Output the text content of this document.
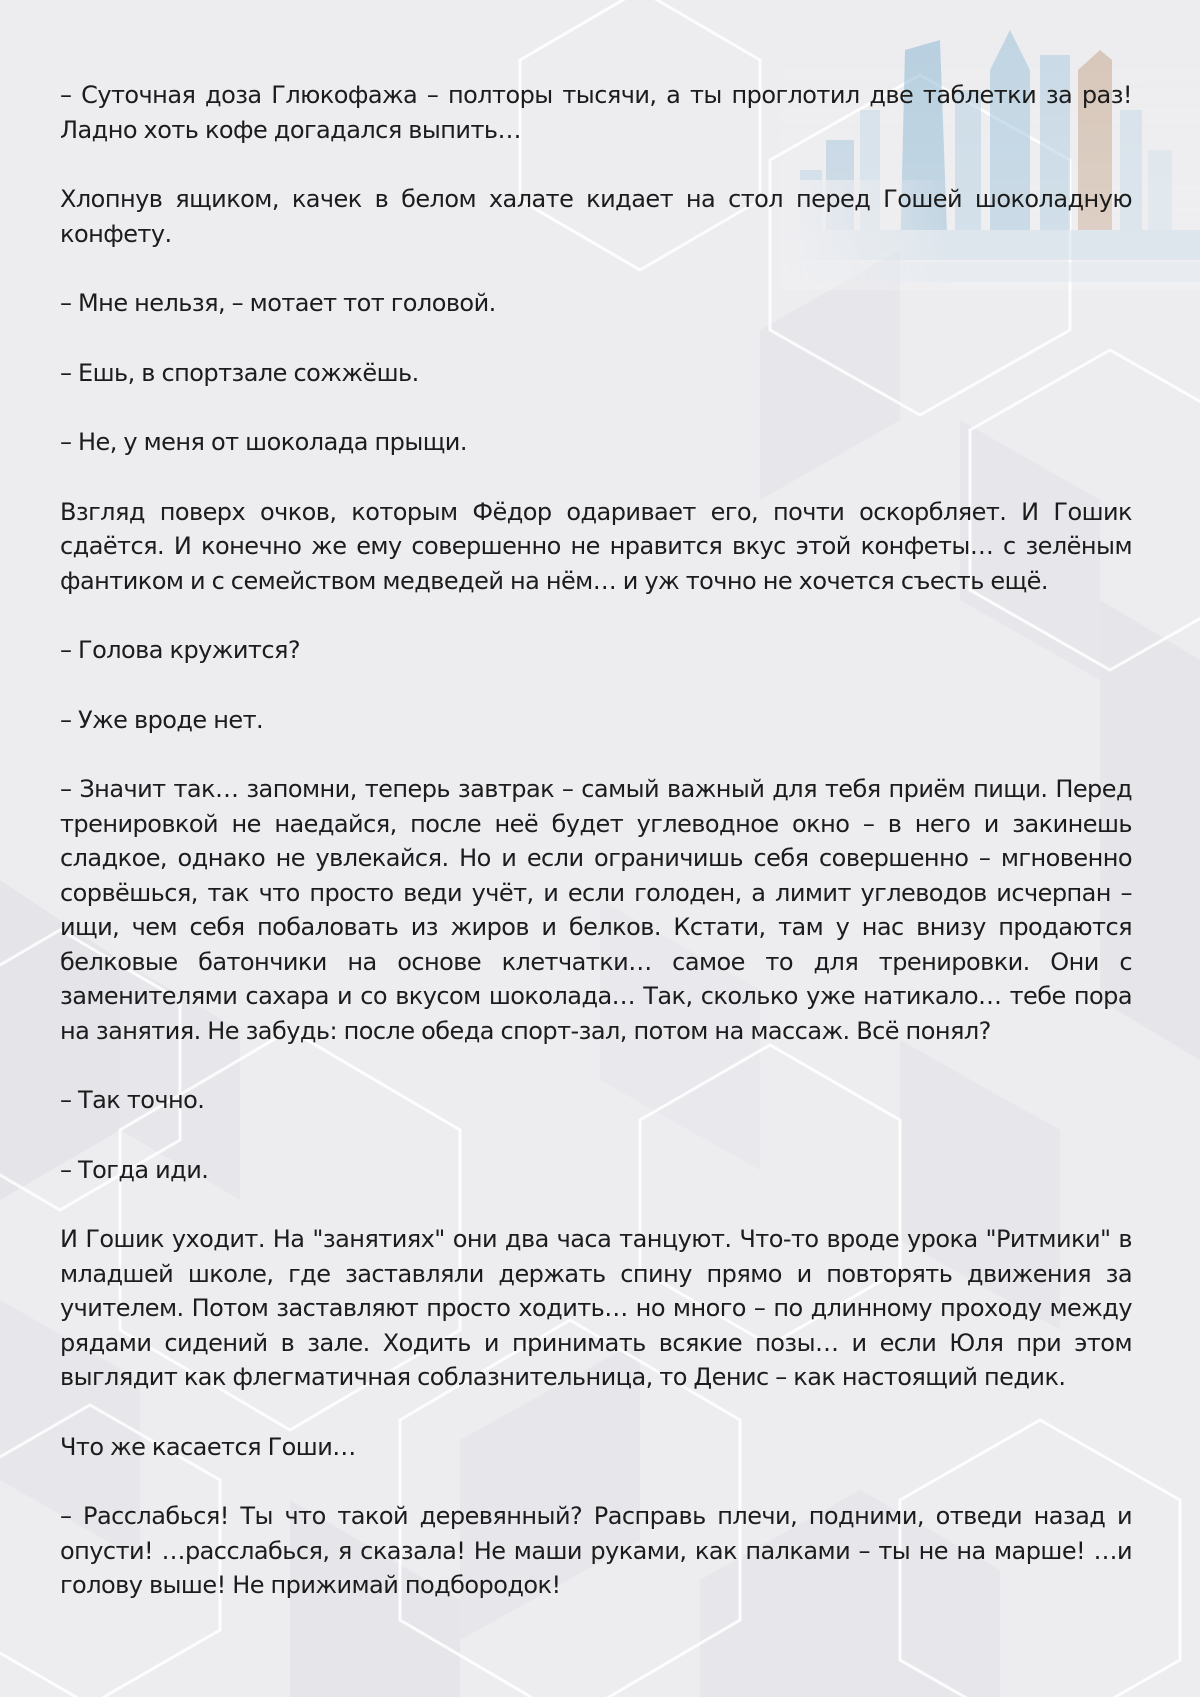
– Суточная доза Глюкофажа – полторы тысячи, а ты проглотил две таблетки за раз! Ладно хоть кофе догадался выпить…

Хлопнув ящиком, качек в белом халате кидает на стол перед Гошей шоколадную конфету.

– Мне нельзя, – мотает тот головой.

– Ешь, в спортзале сожжёшь.

– Не, у меня от шоколада прыщи.

Взгляд поверх очков, которым Фёдор одаривает его, почти оскорбляет. И Гошик сдаётся. И конечно же ему совершенно не нравится вкус этой конфеты… с зелёным фантиком и с семейством медведей на нём… и уж точно не хочется съесть ещё.

– Голова кружится?

– Уже вроде нет.

– Значит так… запомни, теперь завтрак – самый важный для тебя приём пищи. Перед тренировкой не наедайся, после неё будет углеводное окно – в него и закинешь сладкое, однако не увлекайся. Но и если ограничишь себя совершенно – мгновенно сорвёшься, так что просто веди учёт, и если голоден, а лимит углеводов исчерпан – ищи, чем себя побаловать из жиров и белков. Кстати, там у нас внизу продаются белковые батончики на основе клетчатки… самое то для тренировки. Они с заменителями сахара и со вкусом шоколада… Так, сколько уже натикало… тебе пора на занятия. Не забудь: после обеда спорт-зал, потом на массаж. Всё понял?

– Так точно.

– Тогда иди.

И Гошик уходит. На "занятиях" они два часа танцуют. Что-то вроде урока "Ритмики" в младшей школе, где заставляли держать спину прямо и повторять движения за учителем. Потом заставляют просто ходить… но много – по длинному проходу между рядами сидений в зале. Ходить и принимать всякие позы… и если Юля при этом выглядит как флегматичная соблазнительница, то Денис – как настоящий педик.

Что же касается Гоши…

– Расслабься! Ты что такой деревянный? Расправь плечи, подними, отведи назад и опусти! …расслабься, я сказала! Не маши руками, как палками – ты не на марше! …и голову выше! Не прижимай подбородок!
